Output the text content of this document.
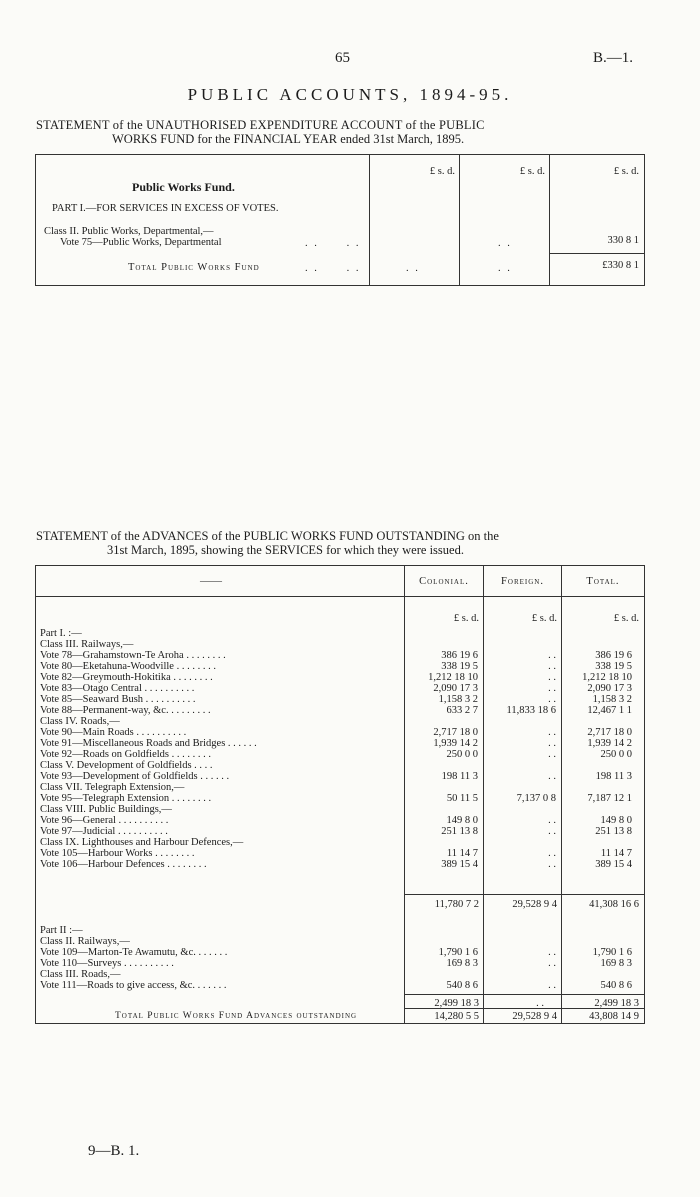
65	B.—1.
PUBLIC ACCOUNTS, 1894-95.
STATEMENT of the UNAUTHORISED EXPENDITURE ACCOUNT of the PUBLIC
WORKS FUND for the FINANCIAL YEAR ended 31st March, 1895.
£ s. d.	£ s. d.	£ s. d.
Public Works Fund.
PART I.—FOR SERVICES IN EXCESS OF VOTES.
Class II. Public Works, Departmental,—
Vote 75—Public Works, Departmental	. .      . .	. .	330 8 1
Total Public Works Fund	. .      . .	. .	. .	£330 8 1
STATEMENT of the ADVANCES of the PUBLIC WORKS FUND OUTSTANDING on the
31st March, 1895, showing the SERVICES for which they were issued.
——	Colonial.	Foreign.	Total.
£ s. d.	£ s. d.	£ s. d.
Part I. :—			
Class III. Railways,—			
Vote 78—Grahamstown-Te Aroha . . . . . . . .	386 19 6	. .	386 19 6
Vote 80—Eketahuna-Woodville . . . . . . . .	338 19 5	. .	338 19 5
Vote 82—Greymouth-Hokitika . . . . . . . .	1,212 18 10	. .	1,212 18 10
Vote 83—Otago Central . . . . . . . . . .	2,090 17 3	. .	2,090 17 3
Vote 85—Seaward Bush . . . . . . . . . .	1,158 3 2	. .	1,158 3 2
Vote 88—Permanent-way, &c. . . . . . . . .	633 2 7	11,833 18 6	12,467 1 1
Class IV. Roads,—			
Vote 90—Main Roads . . . . . . . . . .	2,717 18 0	. .	2,717 18 0
Vote 91—Miscellaneous Roads and Bridges . . . . . .	1,939 14 2	. .	1,939 14 2
Vote 92—Roads on Goldfields . . . . . . . .	250 0 0	. .	250 0 0
Class V. Development of Goldfields . . . .			
Vote 93—Development of Goldfields . . . . . .	198 11 3	. .	198 11 3
Class VII. Telegraph Extension,—			
Vote 95—Telegraph Extension . . . . . . . .	50 11 5	7,137 0 8	7,187 12 1
Class VIII. Public Buildings,—			
Vote 96—General . . . . . . . . . .	149 8 0	. .	149 8 0
Vote 97—Judicial . . . . . . . . . .	251 13 8	. .	251 13 8
Class IX. Lighthouses and Harbour Defences,—			
Vote 105—Harbour Works . . . . . . . .	11 14 7	. .	11 14 7
Vote 106—Harbour Defences . . . . . . . .	389 15 4	. .	389 15 4
11,780 7 2	29,528 9 4	41,308 16 6
Part II :—			
Class II. Railways,—			
Vote 109—Marton-Te Awamutu, &c. . . . . . .	1,790 1 6	. .	1,790 1 6
Vote 110—Surveys . . . . . . . . . .	169 8 3	. .	169 8 3
Class III. Roads,—			
Vote 111—Roads to give access, &c. . . . . . .	540 8 6	. .	540 8 6
2,499 18 3	. .	2,499 18 3
Total Public Works Fund Advances outstanding	14,280 5 5	29,528 9 4	43,808 14 9
9—B. 1.
